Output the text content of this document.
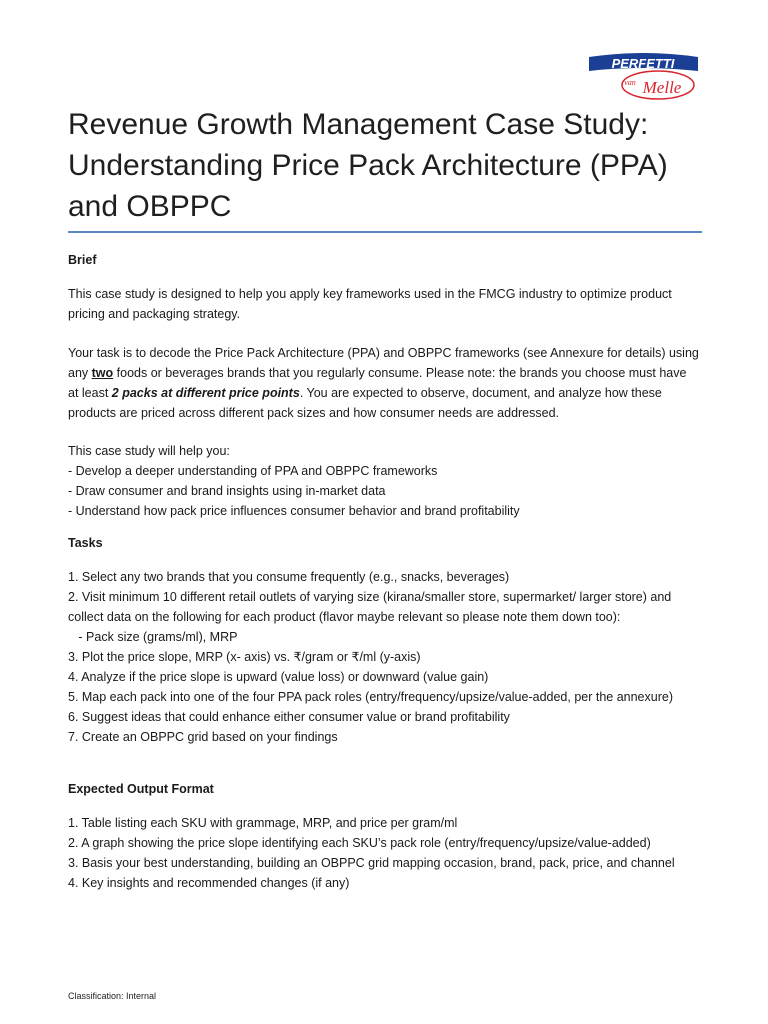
PERFETTI
van Melle
Revenue Growth Management Case Study:
Understanding Price Pack Architecture (PPA)
and OBPPC
Brief

This case study is designed to help you apply key frameworks used in the FMCG industry to optimize product
pricing and packaging strategy.

Your task is to decode the Price Pack Architecture (PPA) and OBPPC frameworks (see Annexure for details) using
any two foods or beverages brands that you regularly consume. Please note: the brands you choose must have
at least 2 packs at different price points. You are expected to observe, document, and analyze how these
products are priced across different pack sizes and how consumer needs are addressed.

This case study will help you:
- Develop a deeper understanding of PPA and OBPPC frameworks
- Draw consumer and brand insights using in-market data
- Understand how pack price influences consumer behavior and brand profitability

Tasks

1. Select any two brands that you consume frequently (e.g., snacks, beverages)
2. Visit minimum 10 different retail outlets of varying size (kirana/smaller store, supermarket/ larger store) and
collect data on the following for each product (flavor maybe relevant so please note them down too):
- Pack size (grams/ml), MRP
3. Plot the price slope, MRP (x- axis) vs. ₹/gram or ₹/ml (y-axis)
4. Analyze if the price slope is upward (value loss) or downward (value gain)
5. Map each pack into one of the four PPA pack roles (entry/frequency/upsize/value-added, per the annexure)
6. Suggest ideas that could enhance either consumer value or brand profitability
7. Create an OBPPC grid based on your findings

Expected Output Format

1. Table listing each SKU with grammage, MRP, and price per gram/ml
2. A graph showing the price slope identifying each SKU’s pack role (entry/frequency/upsize/value-added)
3. Basis your best understanding, building an OBPPC grid mapping occasion, brand, pack, price, and channel
4. Key insights and recommended changes (if any)

Classification: Internal
